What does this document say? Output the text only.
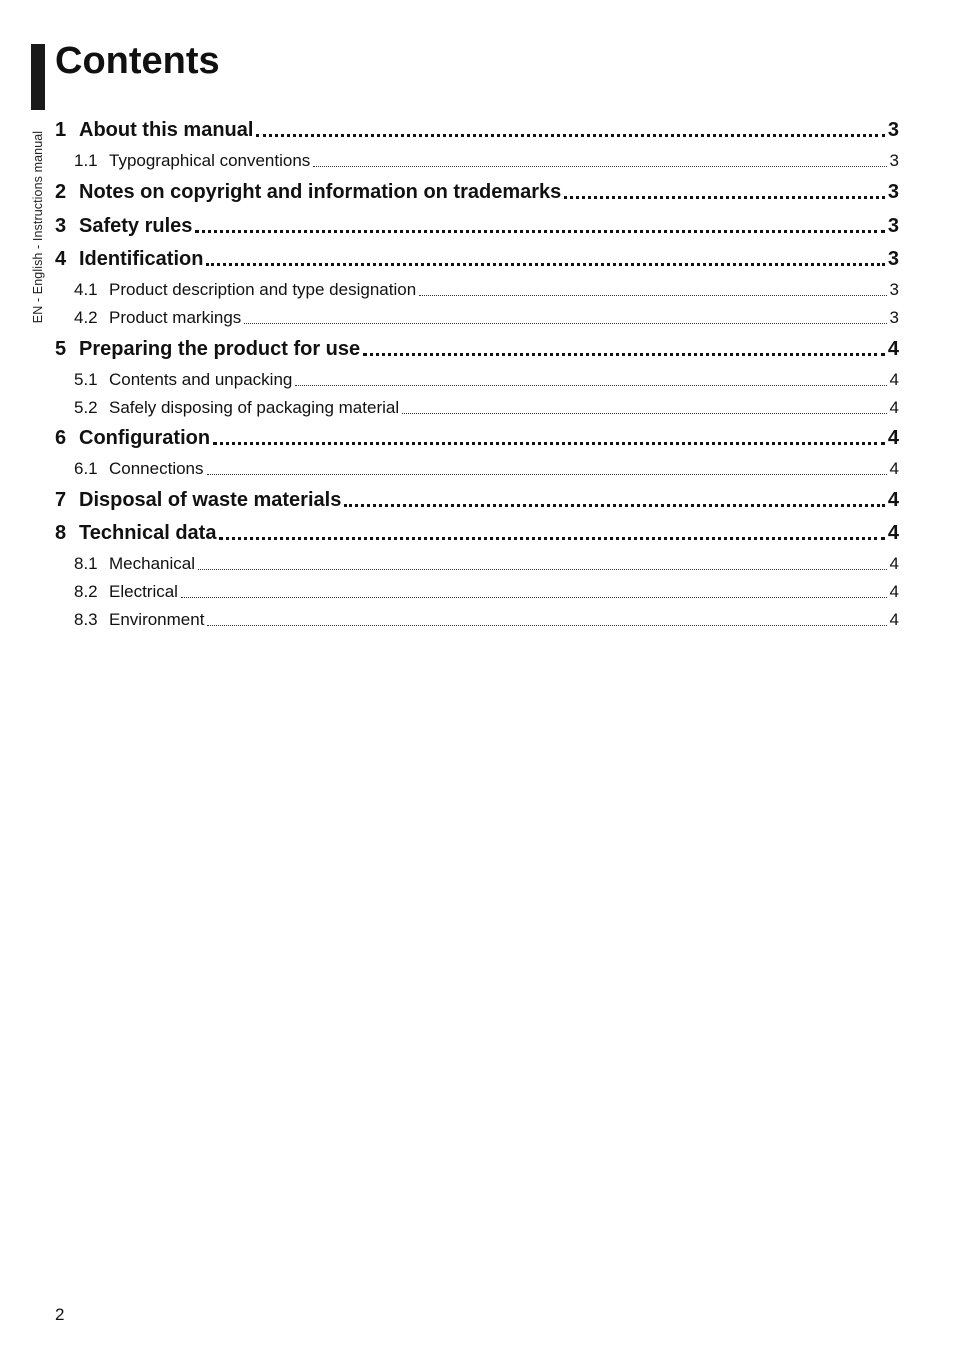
EN - English - Instructions manual
Contents
1 About this manual	3
1.1 Typographical conventions	3
2 Notes on copyright and information on trademarks	3
3 Safety rules	3
4 Identification	3
4.1 Product description and type designation	3
4.2 Product markings	3
5 Preparing the product for use	4
5.1 Contents and unpacking	4
5.2 Safely disposing of packaging material	4
6 Configuration	4
6.1 Connections	4
7 Disposal of waste materials	4
8 Technical data	4
8.1 Mechanical	4
8.2 Electrical	4
8.3 Environment	4
2
